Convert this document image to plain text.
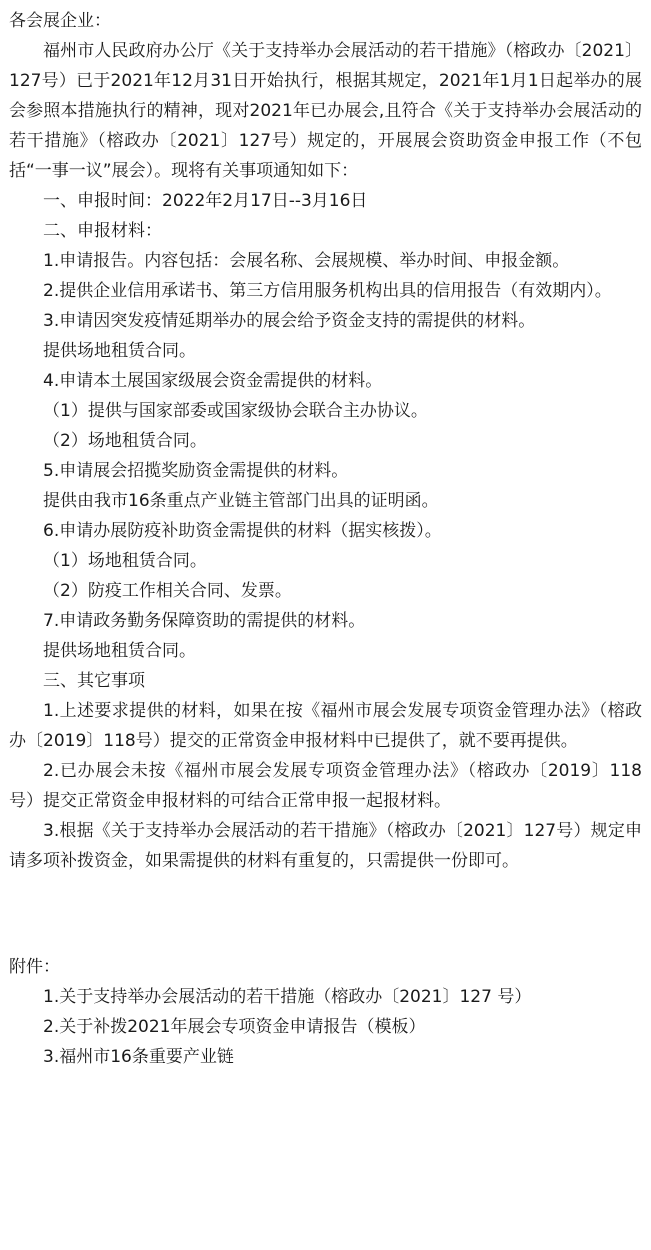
各会展企业：

福州市人民政府办公厅《关于支持举办会展活动的若干措施》（榕政办〔2021〕127号）已于2021年12月31日开始执行，根据其规定，2021年1月1日起举办的展会参照本措施执行的精神，现对2021年已办展会,且符合《关于支持举办会展活动的若干措施》（榕政办〔2021〕127号）规定的，开展展会资助资金申报工作（不包括“一事一议”展会）。现将有关事项通知如下：

一、申报时间：2022年2月17日--3月16日

二、申报材料：

1.申请报告。内容包括：会展名称、会展规模、举办时间、申报金额。

2.提供企业信用承诺书、第三方信用服务机构出具的信用报告（有效期内）。

3.申请因突发疫情延期举办的展会给予资金支持的需提供的材料。

提供场地租赁合同。

4.申请本土展国家级展会资金需提供的材料。

（1）提供与国家部委或国家级协会联合主办协议。

（2）场地租赁合同。

5.申请展会招揽奖励资金需提供的材料。

提供由我市16条重点产业链主管部门出具的证明函。

6.申请办展防疫补助资金需提供的材料（据实核拨）。

（1）场地租赁合同。

（2）防疫工作相关合同、发票。

7.申请政务勤务保障资助的需提供的材料。

提供场地租赁合同。

三、其它事项

1.上述要求提供的材料，如果在按《福州市展会发展专项资金管理办法》（榕政办〔2019〕118号）提交的正常资金申报材料中已提供了，就不要再提供。

2.已办展会未按《福州市展会发展专项资金管理办法》（榕政办〔2019〕118号）提交正常资金申报材料的可结合正常申报一起报材料。

3.根据《关于支持举办会展活动的若干措施》（榕政办〔2021〕127号）规定申请多项补拨资金，如果需提供的材料有重复的，只需提供一份即可。

附件：

1.关于支持举办会展活动的若干措施（榕政办〔2021〕127 号）

2.关于补拨2021年展会专项资金申请报告（模板）

3.福州市16条重要产业链
